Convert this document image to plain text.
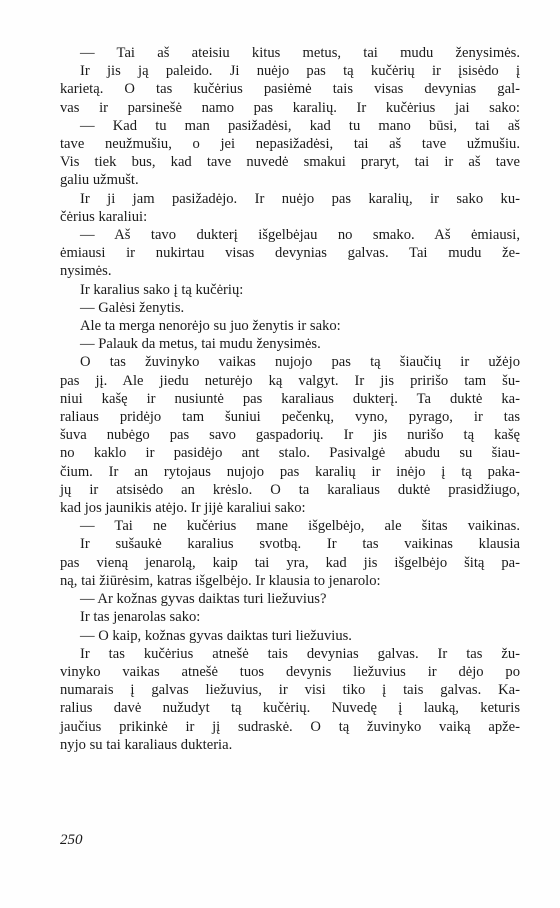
— Tai aš ateisiu kitus metus, tai mudu ženysimės.
Ir jis ją paleido. Ji nuėjo pas tą kučėrių ir įsisėdo į
karietą. O tas kučėrius pasiėmė tais visas devynias gal-
vas ir parsinešė namo pas karalių. Ir kučėrius jai sako:
— Kad tu man pasižadėsi, kad tu mano būsi, tai aš
tave neužmušiu, o jei nepasižadėsi, tai aš tave užmušiu.
Vis tiek bus, kad tave nuvedė smakui praryt, tai ir aš tave
galiu užmušt.
Ir ji jam pasižadėjo. Ir nuėjo pas karalių, ir sako ku-
čėrius karaliui:
— Aš tavo dukterį išgelbėjau no smako. Aš ėmiausi,
ėmiausi ir nukirtau visas devynias galvas. Tai mudu že-
nysimės.
Ir karalius sako į tą kučėrių:
— Galėsi ženytis.
Ale ta merga nenorėjo su juo ženytis ir sako:
— Palauk da metus, tai mudu ženysimės.
O tas žuvinyko vaikas nujojo pas tą šiaučių ir užėjo
pas jį. Ale jiedu neturėjo ką valgyt. Ir jis pririšo tam šu-
niui kašę ir nusiuntė pas karaliaus dukterį. Ta duktė ka-
raliaus pridėjo tam šuniui pečenkų, vyno, pyrago, ir tas
šuva nubėgo pas savo gaspadorių. Ir jis nurišo tą kašę
no kaklo ir pasidėjo ant stalo. Pasivalgė abudu su šiau-
čium. Ir an rytojaus nujojo pas karalių ir inėjo į tą paka-
jų ir atsisėdo an krėslo. O ta karaliaus duktė prasidžiugo,
kad jos jaunikis atėjo. Ir jijė karaliui sako:
— Tai ne kučėrius mane išgelbėjo, ale šitas vaikinas.
Ir sušaukė karalius svotbą. Ir tas vaikinas klausia
pas vieną jenarolą, kaip tai yra, kad jis išgelbėjo šitą pa-
ną, tai žiūrėsim, katras išgelbėjo. Ir klausia to jenarolo:
— Ar kožnas gyvas daiktas turi liežuvius?
Ir tas jenarolas sako:
— O kaip, kožnas gyvas daiktas turi liežuvius.
Ir tas kučėrius atnešė tais devynias galvas. Ir tas žu-
vinyko vaikas atnešė tuos devynis liežuvius ir dėjo po
numarais į galvas liežuvius, ir visi tiko į tais galvas. Ka-
ralius davė nužudyt tą kučėrių. Nuvedę į lauką, keturis
jaučius prikinkė ir jį sudraskė. O tą žuvinyko vaiką apže-
nyjo su tai karaliaus dukteria.
250
